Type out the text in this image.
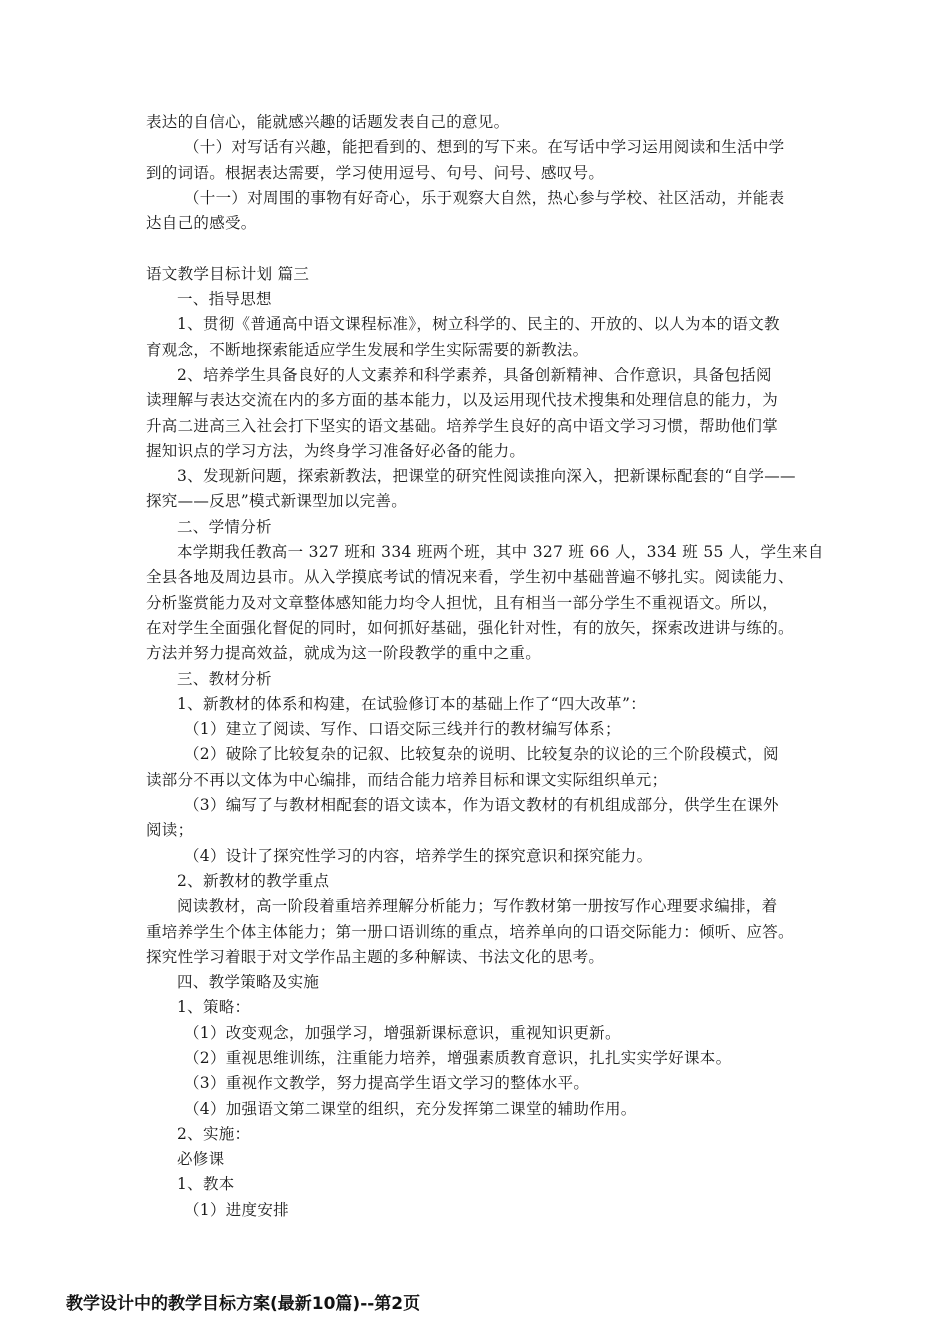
表达的自信心，能就感兴趣的话题发表自己的意见。
（十）对写话有兴趣，能把看到的、想到的写下来。在写话中学习运用阅读和生活中学
到的词语。根据表达需要，学习使用逗号、句号、问号、感叹号。
（十一）对周围的事物有好奇心，乐于观察大自然，热心参与学校、社区活动，并能表
达自己的感受。
语文教学目标计划 篇三
一、指导思想
1、贯彻《普通高中语文课程标准》，树立科学的、民主的、开放的、以人为本的语文教
育观念，不断地探索能适应学生发展和学生实际需要的新教法。
2、培养学生具备良好的人文素养和科学素养，具备创新精神、合作意识，具备包括阅
读理解与表达交流在内的多方面的基本能力，以及运用现代技术搜集和处理信息的能力，为
升高二进高三入社会打下坚实的语文基础。培养学生良好的高中语文学习习惯，帮助他们掌
握知识点的学习方法，为终身学习准备好必备的能力。
3、发现新问题，探索新教法，把课堂的研究性阅读推向深入，把新课标配套的“自学——
探究——反思”模式新课型加以完善。
二、学情分析
本学期我任教高一 327 班和 334 班两个班，其中 327 班 66 人，334 班 55 人，学生来自
全县各地及周边县市。从入学摸底考试的情况来看，学生初中基础普遍不够扎实。阅读能力、
分析鉴赏能力及对文章整体感知能力均令人担忧，且有相当一部分学生不重视语文。所以，
在对学生全面强化督促的同时，如何抓好基础，强化针对性，有的放矢，探索改进讲与练的。
方法并努力提高效益，就成为这一阶段教学的重中之重。
三、教材分析
1、新教材的体系和构建，在试验修订本的基础上作了“四大改革”：
（1）建立了阅读、写作、口语交际三线并行的教材编写体系；
（2）破除了比较复杂的记叙、比较复杂的说明、比较复杂的议论的三个阶段模式，阅
读部分不再以文体为中心编排，而结合能力培养目标和课文实际组织单元；
（3）编写了与教材相配套的语文读本，作为语文教材的有机组成部分，供学生在课外
阅读；
（4）设计了探究性学习的内容，培养学生的探究意识和探究能力。
2、新教材的教学重点
阅读教材，高一阶段着重培养理解分析能力；写作教材第一册按写作心理要求编排，着
重培养学生个体主体能力；第一册口语训练的重点，培养单向的口语交际能力：倾听、应答。
探究性学习着眼于对文学作品主题的多种解读、书法文化的思考。
四、教学策略及实施
1、策略：
（1）改变观念，加强学习，增强新课标意识，重视知识更新。
（2）重视思维训练，注重能力培养，增强素质教育意识，扎扎实实学好课本。
（3）重视作文教学，努力提高学生语文学习的整体水平。
（4）加强语文第二课堂的组织，充分发挥第二课堂的辅助作用。
2、实施：
必修课
1、教本
（1）进度安排
教学设计中的教学目标方案(最新10篇)--第2页
